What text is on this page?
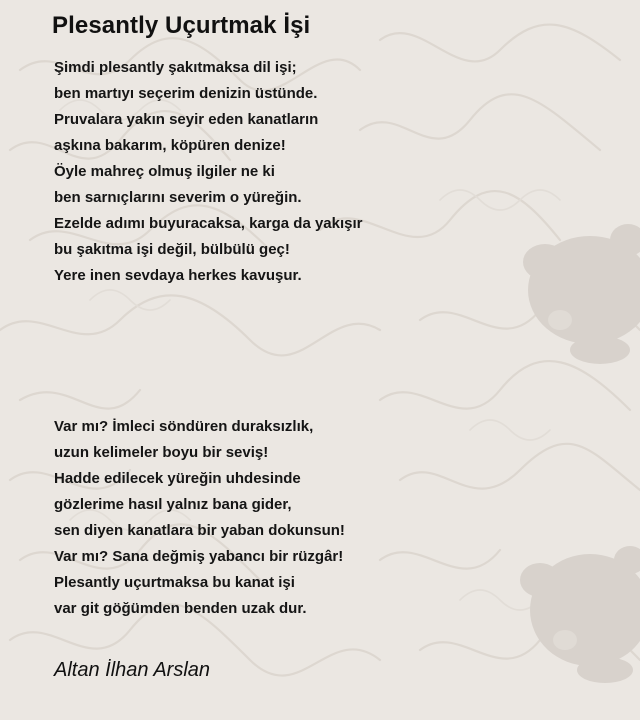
Plesantly Uçurtmak İşi
Şimdi plesantly şakıtmaksa dil işi;
ben martıyı seçerim denizin üstünde.
Pruvalara yakın seyir eden kanatların
aşkına bakarım, köpüren denize!
Öyle mahreç olmuş ilgiler ne ki
ben sarnıçlarını severim o yüreğin.
Ezelde adımı buyuracaksa, karga da yakışır
bu şakıtma işi değil, bülbülü geç!
Yere inen sevdaya herkes kavuşur.
Var mı? İmleci söndüren duraksızlık,
uzun kelimeler boyu bir seviş!
Hadde edilecek yüreğin uhdesinde
gözlerime hasıl yalnız bana gider,
sen diyen kanatlara bir yaban dokunsun!
Var mı? Sana değmiş yabancı bir rüzgâr!
Plesantly uçurtmaksa bu kanat işi
var git göğümden benden uzak dur.
Altan İlhan Arslan
